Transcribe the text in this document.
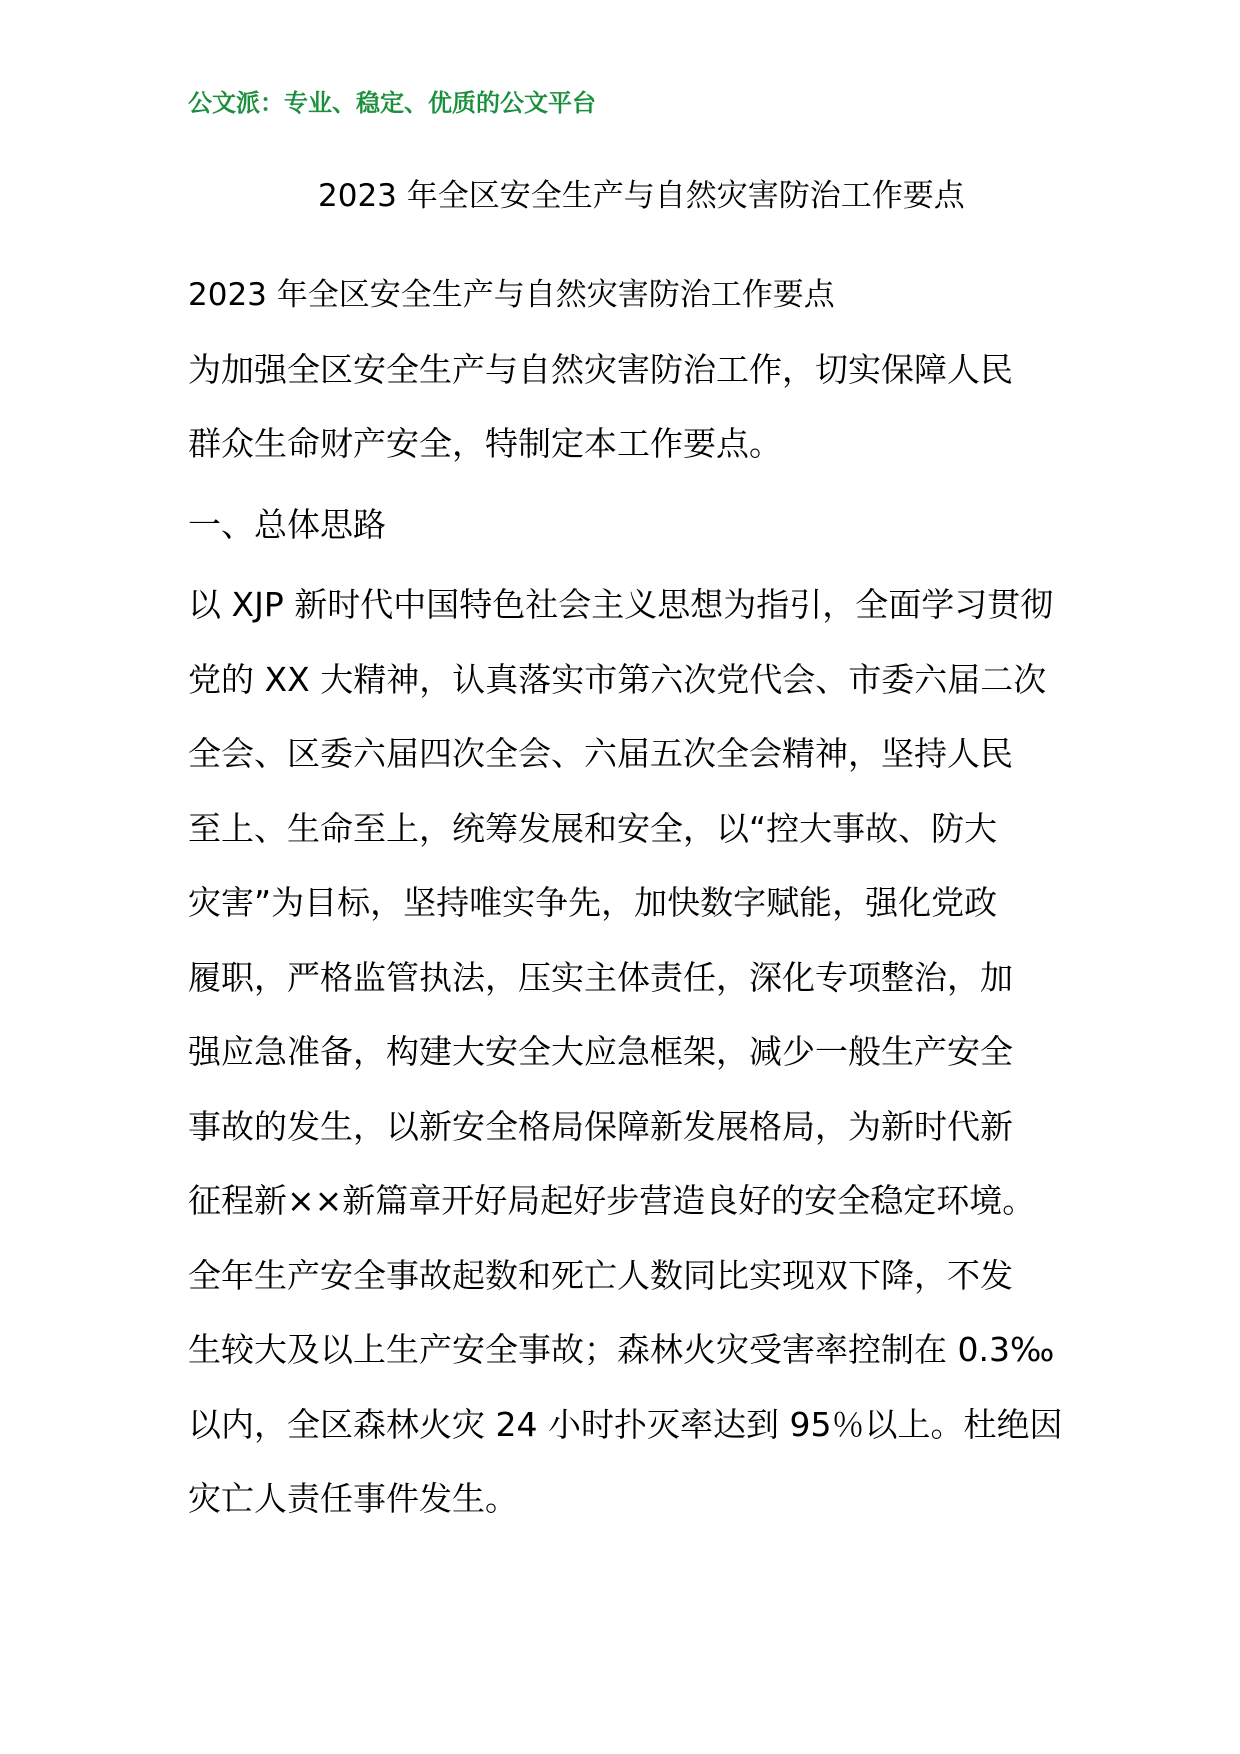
公文派：专业、稳定、优质的公文平台
2023 年全区安全生产与自然灾害防治工作要点
2023 年全区安全生产与自然灾害防治工作要点
为加强全区安全生产与自然灾害防治工作，切实保障人民
群众生命财产安全，特制定本工作要点。
一、总体思路
以 XJP 新时代中国特色社会主义思想为指引，全面学习贯彻
党的 XX 大精神，认真落实市第六次党代会、市委六届二次
全会、区委六届四次全会、六届五次全会精神，坚持人民
至上、生命至上，统筹发展和安全，以“控大事故、防大
灾害”为目标，坚持唯实争先，加快数字赋能，强化党政
履职，严格监管执法，压实主体责任，深化专项整治，加
强应急准备，构建大安全大应急框架，减少一般生产安全
事故的发生，以新安全格局保障新发展格局，为新时代新
征程新××新篇章开好局起好步营造良好的安全稳定环境。
全年生产安全事故起数和死亡人数同比实现双下降，不发
生较大及以上生产安全事故；森林火灾受害率控制在 0.3‰
以内，全区森林火灾 24 小时扑灭率达到 95％以上。杜绝因
灾亡人责任事件发生。
